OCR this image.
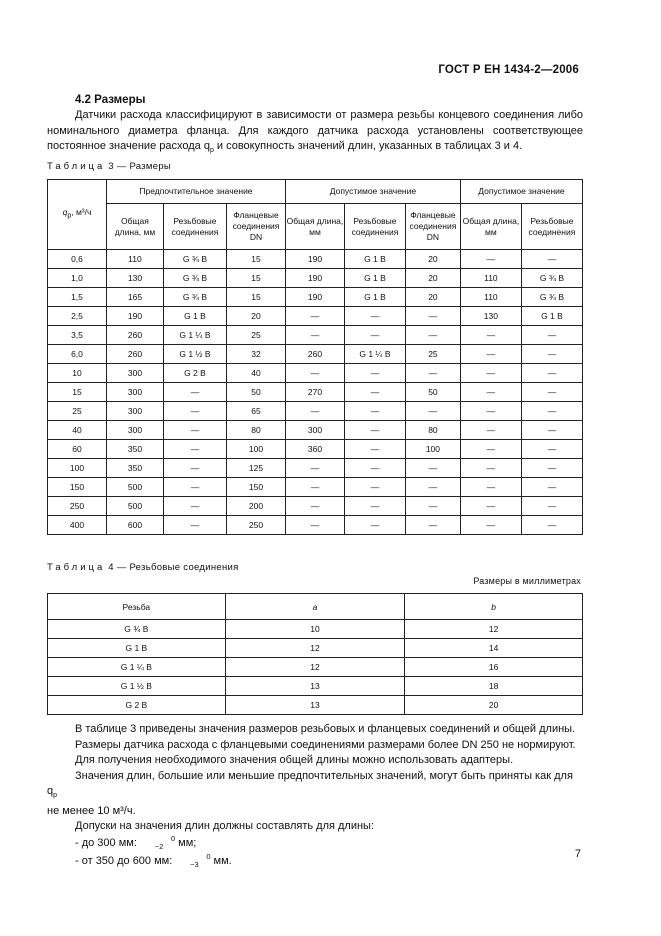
ГОСТ Р ЕН 1434-2—2006
4.2 Размеры

Датчики расхода классифицируют в зависимости от размера резьбы концевого соединения либо номинального диаметра фланца. Для каждого датчика расхода установлены соответствующее постоянное значение расхода $q_p$ и совокупность значений длин, указанных в таблицах 3 и 4.

Таблица 3 — Размеры
$q_p$, м³/ч	Предпочтительное значение			Допустимое значение			Допустимое значение	
	Общая длина, мм	Резьбовые соединения	Фланцевые соединения DN	Общая длина, мм	Резьбовые соединения	Фланцевые соединения DN	Общая длина, мм	Резьбовые соединения
0,6	110	G ¾ B	15	190	G 1 B	20	—	—
1,0	130	G ¾ B	15	190	G 1 B	20	110	G ¾ B
1,5	165	G ¾ B	15	190	G 1 B	20	110	G ¾ B
2,5	190	G 1 B	20	—	—	—	130	G 1 B
3,5	260	G 1 ¼ B	25	—	—	—	—	—
6,0	260	G 1 ½ B	32	260	G 1 ¼ B	25	—	—
10	300	G 2 B	40	—	—	—	—	—
15	300	—	50	270	—	50	—	—
25	300	—	65	—	—	—	—	—
40	300	—	80	300	—	80	—	—
60	350	—	100	360	—	100	—	—
100	350	—	125	—	—	—	—	—
150	500	—	150	—	—	—	—	—
250	500	—	200	—	—	—	—	—
400	600	—	250	—	—	—	—	—
Таблица 4 — Резьбовые соединения
Размеры в миллиметрах
Резьба	a	b
G ¾ B	10	12
G 1 B	12	14
G 1 ¼ B	12	16
G 1 ½ B	13	18
G 2 B	13	20

В таблице 3 приведены значения размеров резьбовых и фланцевых соединений и общей длины.

Размеры датчика расхода с фланцевыми соединениями размерами более DN 250 не нормируют.

Для получения необходимого значения общей длины можно использовать адаптеры.

Значения длин, большие или меньшие предпочтительных значений, могут быть приняты как для $q_p$
не менее 10 м³/ч.

Допуски на значения длин должны составлять для длины:

- до 300 мм:	0
−2 мм;

- от 350 до 600 мм:	0
−3 мм.

7
